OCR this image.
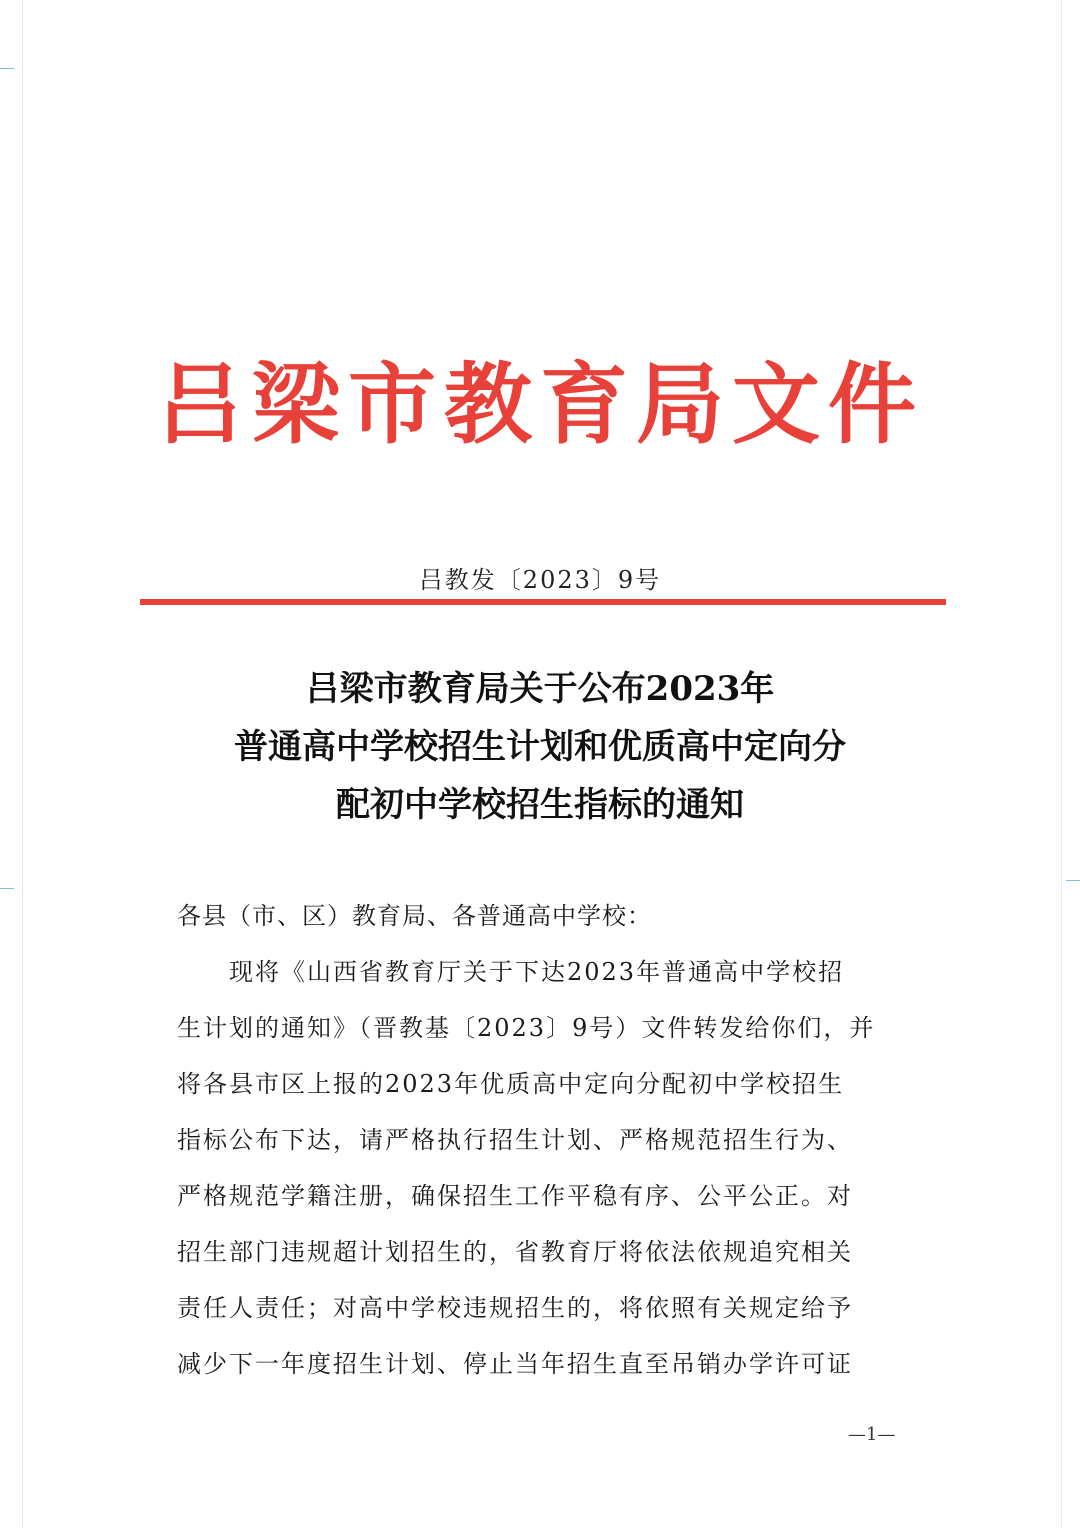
吕梁市教育局文件
吕教发〔2023〕9号
吕梁市教育局关于公布2023年
普通高中学校招生计划和优质高中定向分
配初中学校招生指标的通知
各县（市、区）教育局、各普通高中学校：
现将《山西省教育厅关于下达2023年普通高中学校招
生计划的通知》（晋教基〔2023〕9号）文件转发给你们，并
将各县市区上报的2023年优质高中定向分配初中学校招生
指标公布下达，请严格执行招生计划、严格规范招生行为、
严格规范学籍注册，确保招生工作平稳有序、公平公正。对
招生部门违规超计划招生的，省教育厅将依法依规追究相关
责任人责任；对高中学校违规招生的，将依照有关规定给予
减少下一年度招生计划、停止当年招生直至吊销办学许可证
—1—
